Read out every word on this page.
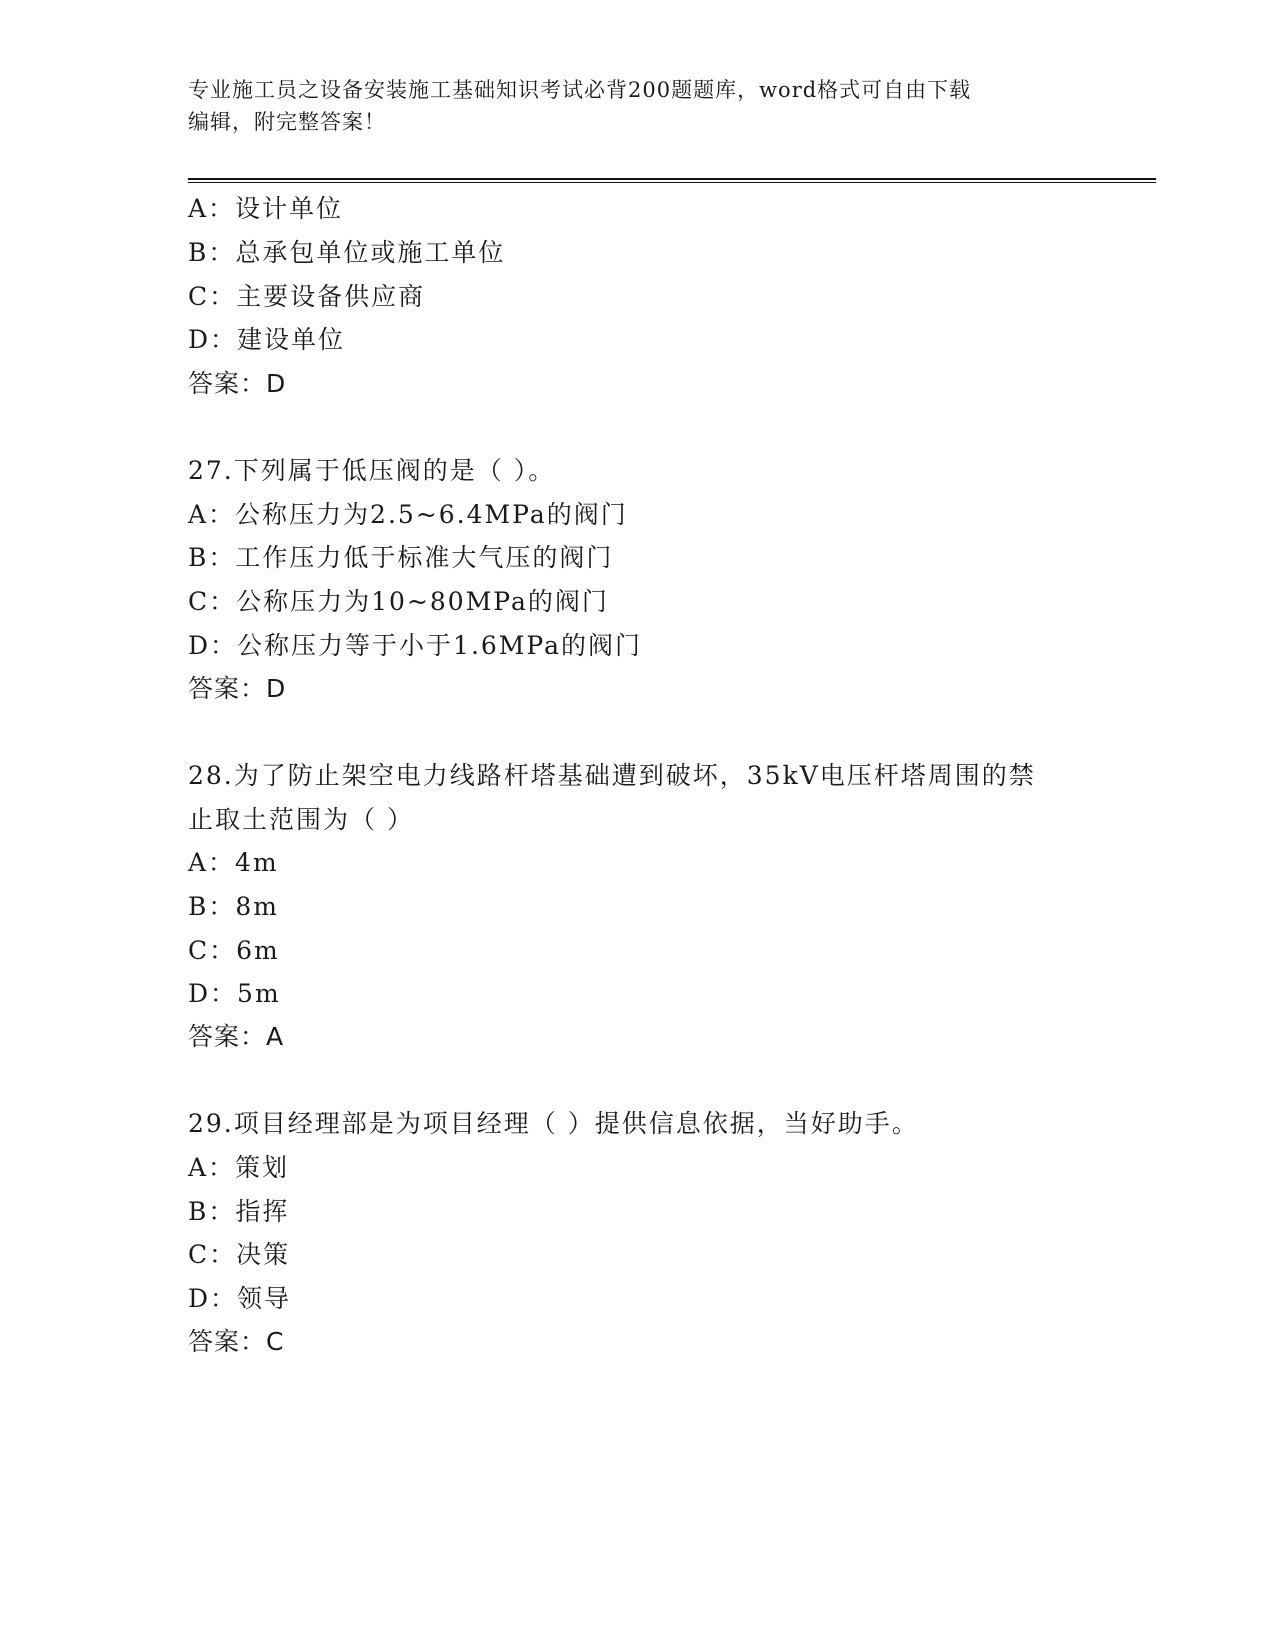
专业施工员之设备安装施工基础知识考试必背200题题库，word格式可自由下载
编辑，附完整答案！
A：设计单位
B：总承包单位或施工单位
C：主要设备供应商
D：建设单位
答案：D
27.下列属于低压阀的是（ ）。
A：公称压力为2.5~6.4MPa的阀门
B：工作压力低于标准大气压的阀门
C：公称压力为10~80MPa的阀门
D：公称压力等于小于1.6MPa的阀门
答案：D
28.为了防止架空电力线路杆塔基础遭到破坏，35kV电压杆塔周围的禁
止取土范围为（ ）
A：4m
B：8m
C：6m
D：5m
答案：A
29.项目经理部是为项目经理（ ）提供信息依据，当好助手。
A：策划
B：指挥
C：决策
D：领导
答案：C
